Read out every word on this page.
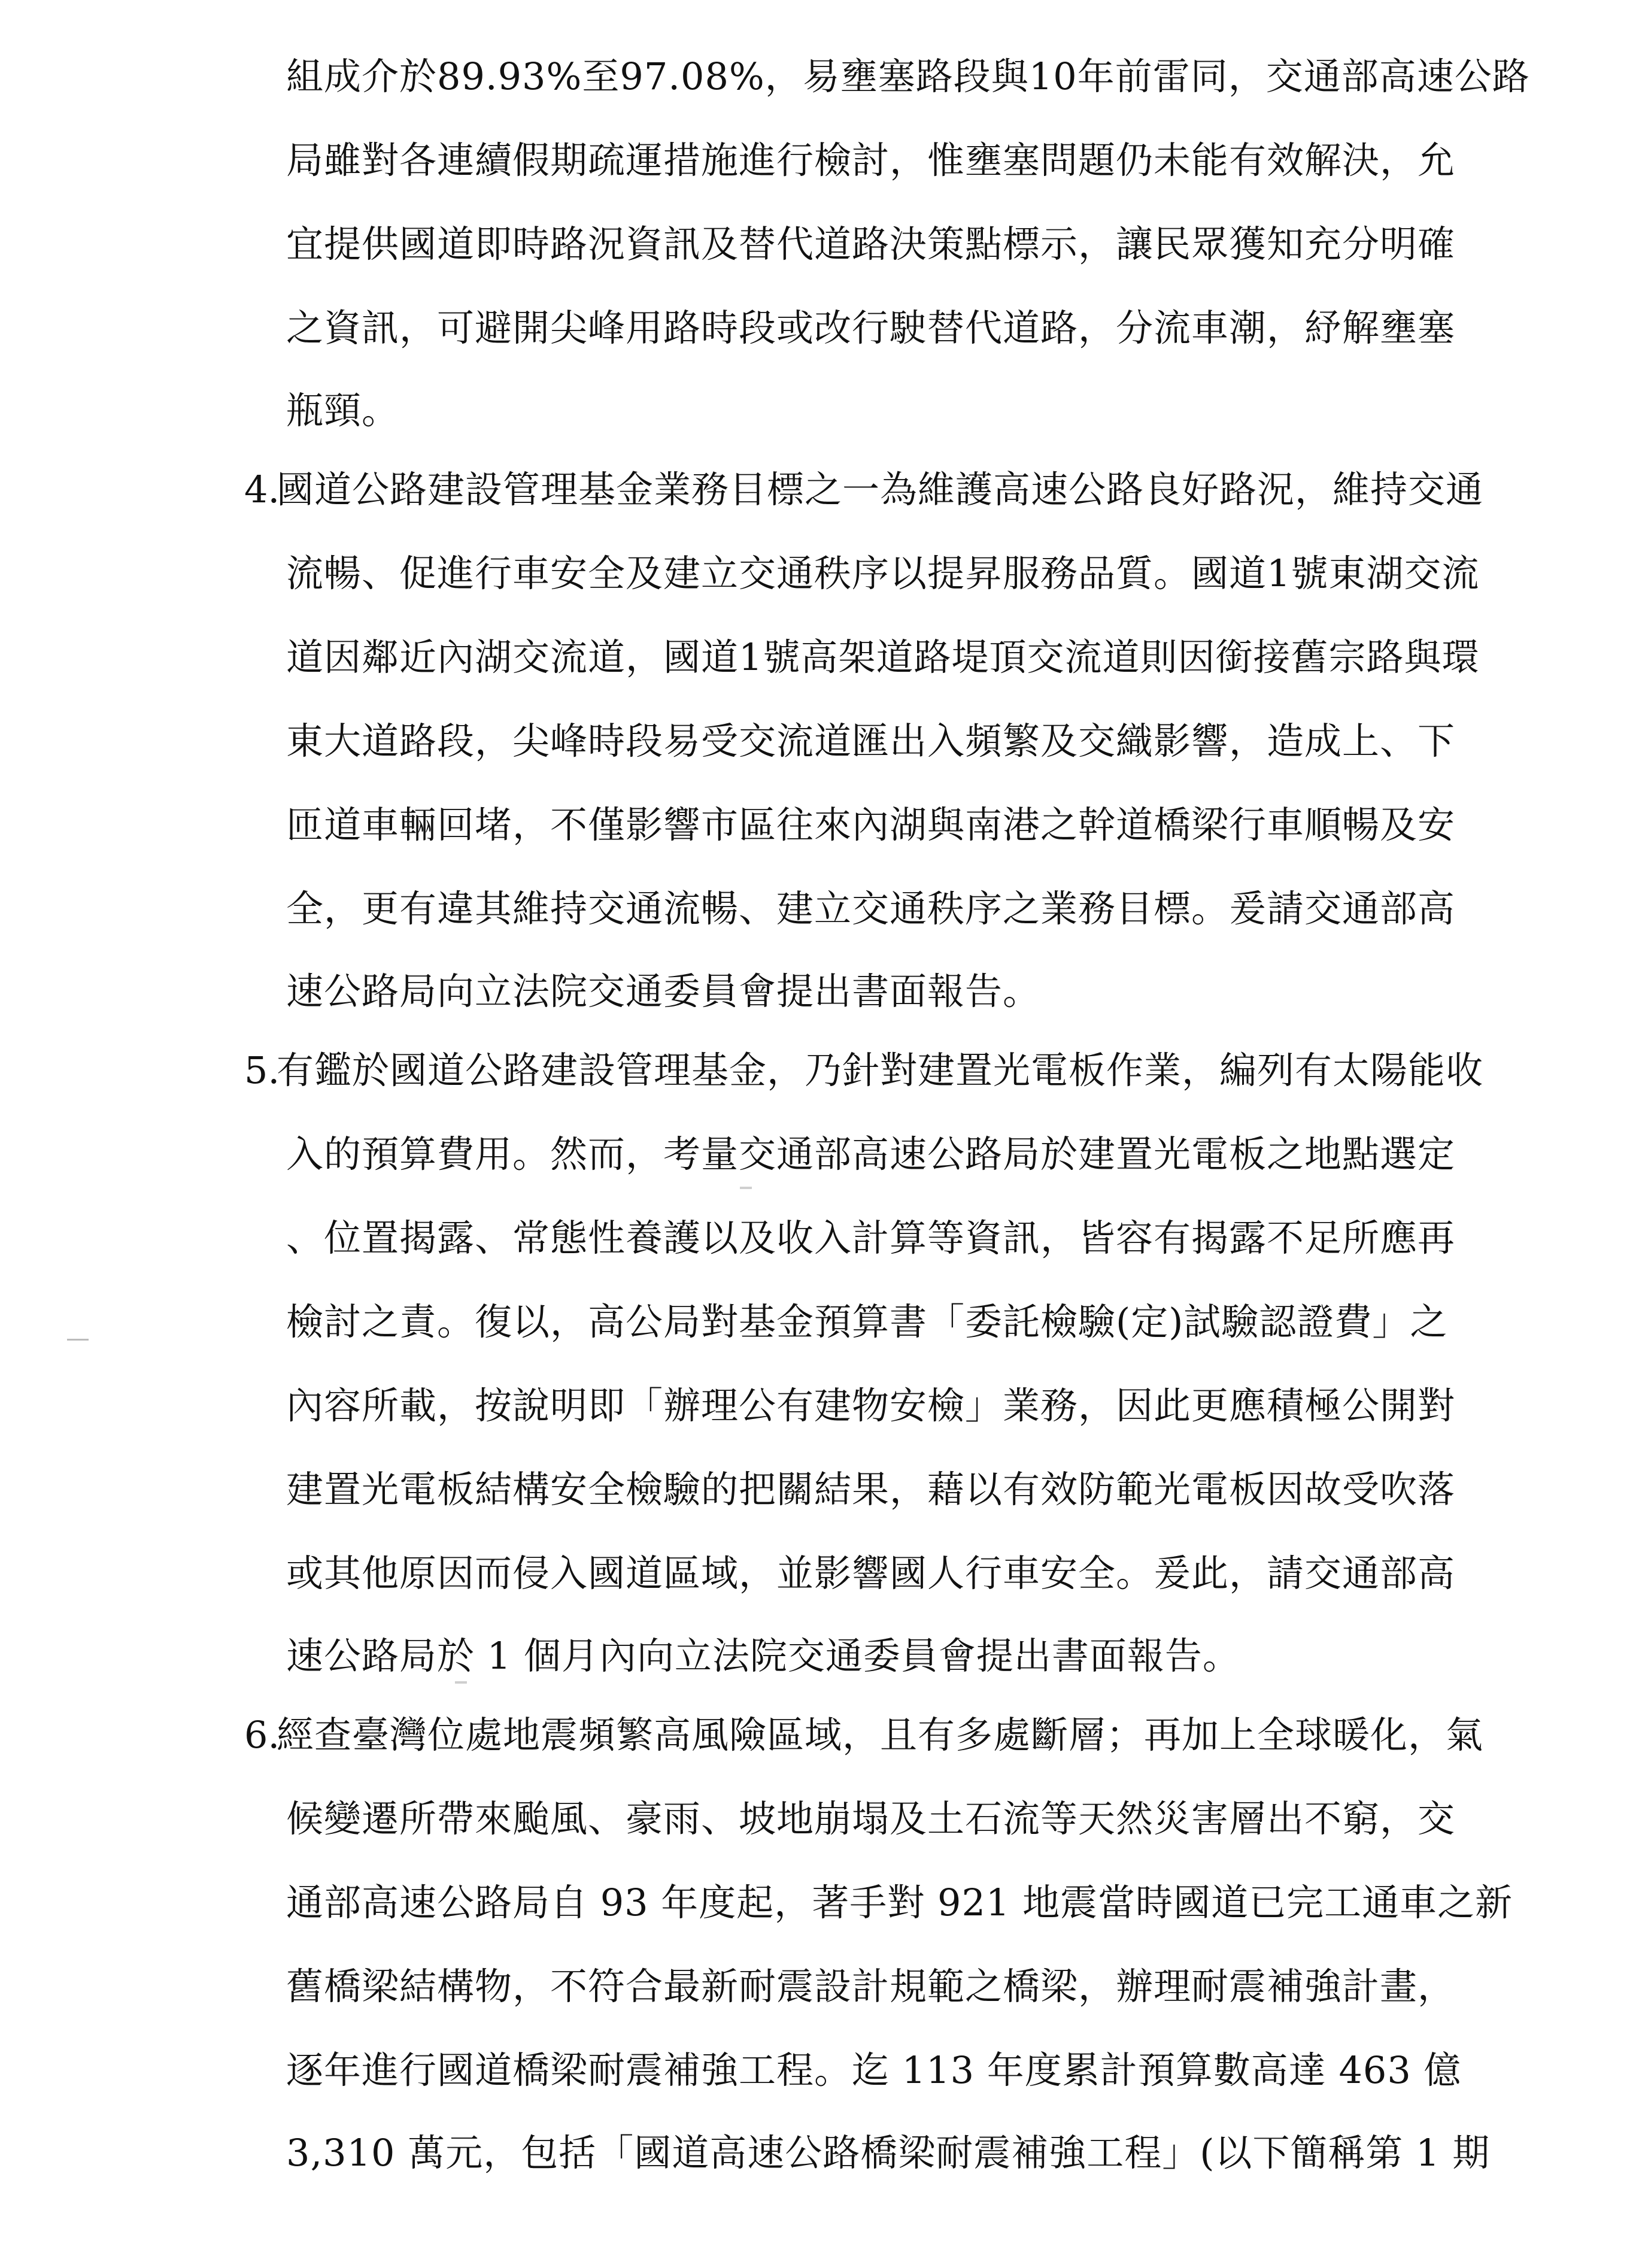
組成介於89.93%至97.08%，易壅塞路段與10年前雷同，交通部高速公路
局雖對各連續假期疏運措施進行檢討，惟壅塞問題仍未能有效解決，允
宜提供國道即時路況資訊及替代道路決策點標示，讓民眾獲知充分明確
之資訊，可避開尖峰用路時段或改行駛替代道路，分流車潮，紓解壅塞
瓶頸。
4.
國道公路建設管理基金業務目標之一為維護高速公路良好路況，維持交通
流暢、促進行車安全及建立交通秩序以提昇服務品質。國道1號東湖交流
道因鄰近內湖交流道，國道1號高架道路堤頂交流道則因銜接舊宗路與環
東大道路段，尖峰時段易受交流道匯出入頻繁及交織影響，造成上、下
匝道車輛回堵，不僅影響市區往來內湖與南港之幹道橋梁行車順暢及安
全，更有違其維持交通流暢、建立交通秩序之業務目標。爰請交通部高
速公路局向立法院交通委員會提出書面報告。
5.
有鑑於國道公路建設管理基金，乃針對建置光電板作業，編列有太陽能收
入的預算費用。然而，考量交通部高速公路局於建置光電板之地點選定
、位置揭露、常態性養護以及收入計算等資訊，皆容有揭露不足所應再
檢討之責。復以，高公局對基金預算書「委託檢驗(定)試驗認證費」之
內容所載，按說明即「辦理公有建物安檢」業務，因此更應積極公開對
建置光電板結構安全檢驗的把關結果，藉以有效防範光電板因故受吹落
或其他原因而侵入國道區域，並影響國人行車安全。爰此，請交通部高
速公路局於 1 個月內向立法院交通委員會提出書面報告。
6.
經查臺灣位處地震頻繁高風險區域，且有多處斷層；再加上全球暖化，氣
候變遷所帶來颱風、豪雨、坡地崩塌及土石流等天然災害層出不窮，交
通部高速公路局自 93 年度起，著手對 921 地震當時國道已完工通車之新
舊橋梁結構物，不符合最新耐震設計規範之橋梁，辦理耐震補強計畫，
逐年進行國道橋梁耐震補強工程。迄 113 年度累計預算數高達 463 億
3,310 萬元，包括「國道高速公路橋梁耐震補強工程」(以下簡稱第 1 期
